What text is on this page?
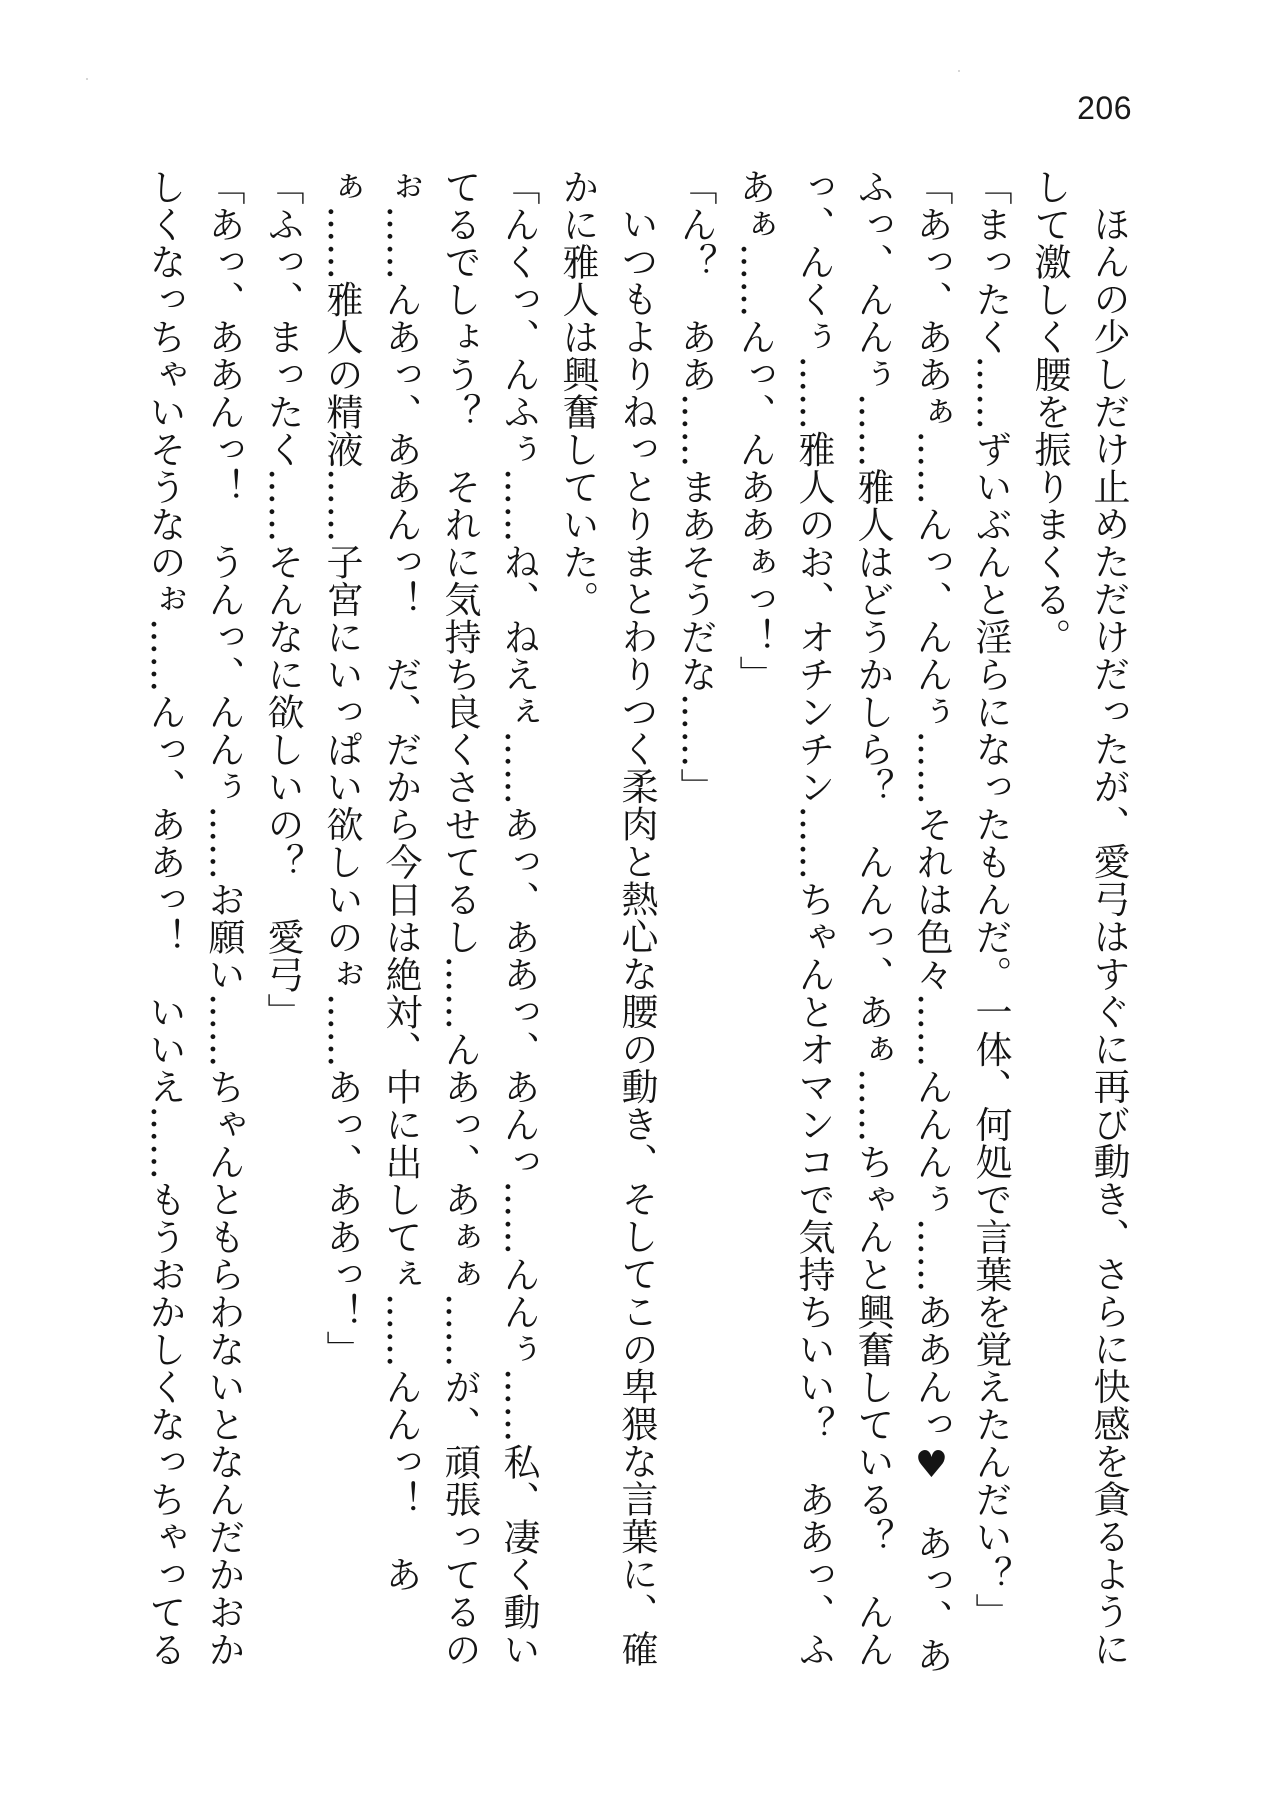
206

ほんの少しだけ止めただけだったが、愛弓はすぐに再び動き、さらに快感を貪るようにして激しく腰を振りまくる。

「まったく……ずいぶんと淫らになったもんだ。一体、何処で言葉を覚えたんだい？」

「あっ、ああぁ……んっ、んんぅ……それは色々……んんんぅ……ああんっ♥　あっ、あふっ、んんぅ……雅人はどうかしら？　んんっ、あぁ……ちゃんと興奮している？　んんっ、んくぅ……雅人のお、オチンチン……ちゃんとオマンコで気持ちいい？　ああっ、ふあぁ……んっ、んああぁっ！」

「ん？　ああ……まあそうだな……」

いつもよりねっとりまとわりつく柔肉と熱心な腰の動き、そしてこの卑猥な言葉に、確かに雅人は興奮していた。

「んくっ、んふぅ……ね、ねえぇ……あっ、ああっ、あんっ……んんぅ……私、凄く動いてるでしょう？　それに気持ち良くさせてるし……んあっ、あぁぁ……が、頑張ってるのぉ……んあっ、ああんっ！　だ、だから今日は絶対、中に出してぇ……んんっ！　あぁ……雅人の精液……子宮にいっぱい欲しいのぉ……あっ、ああっ！」

「ふっ、まったく……そんなに欲しいの？　愛弓」

「あっ、ああんっ！　うんっ、んんぅ……お願い……ちゃんともらわないとなんだかおかしくなっちゃいそうなのぉ……んっ、ああっ！　いいえ……もうおかしくなっちゃってる
